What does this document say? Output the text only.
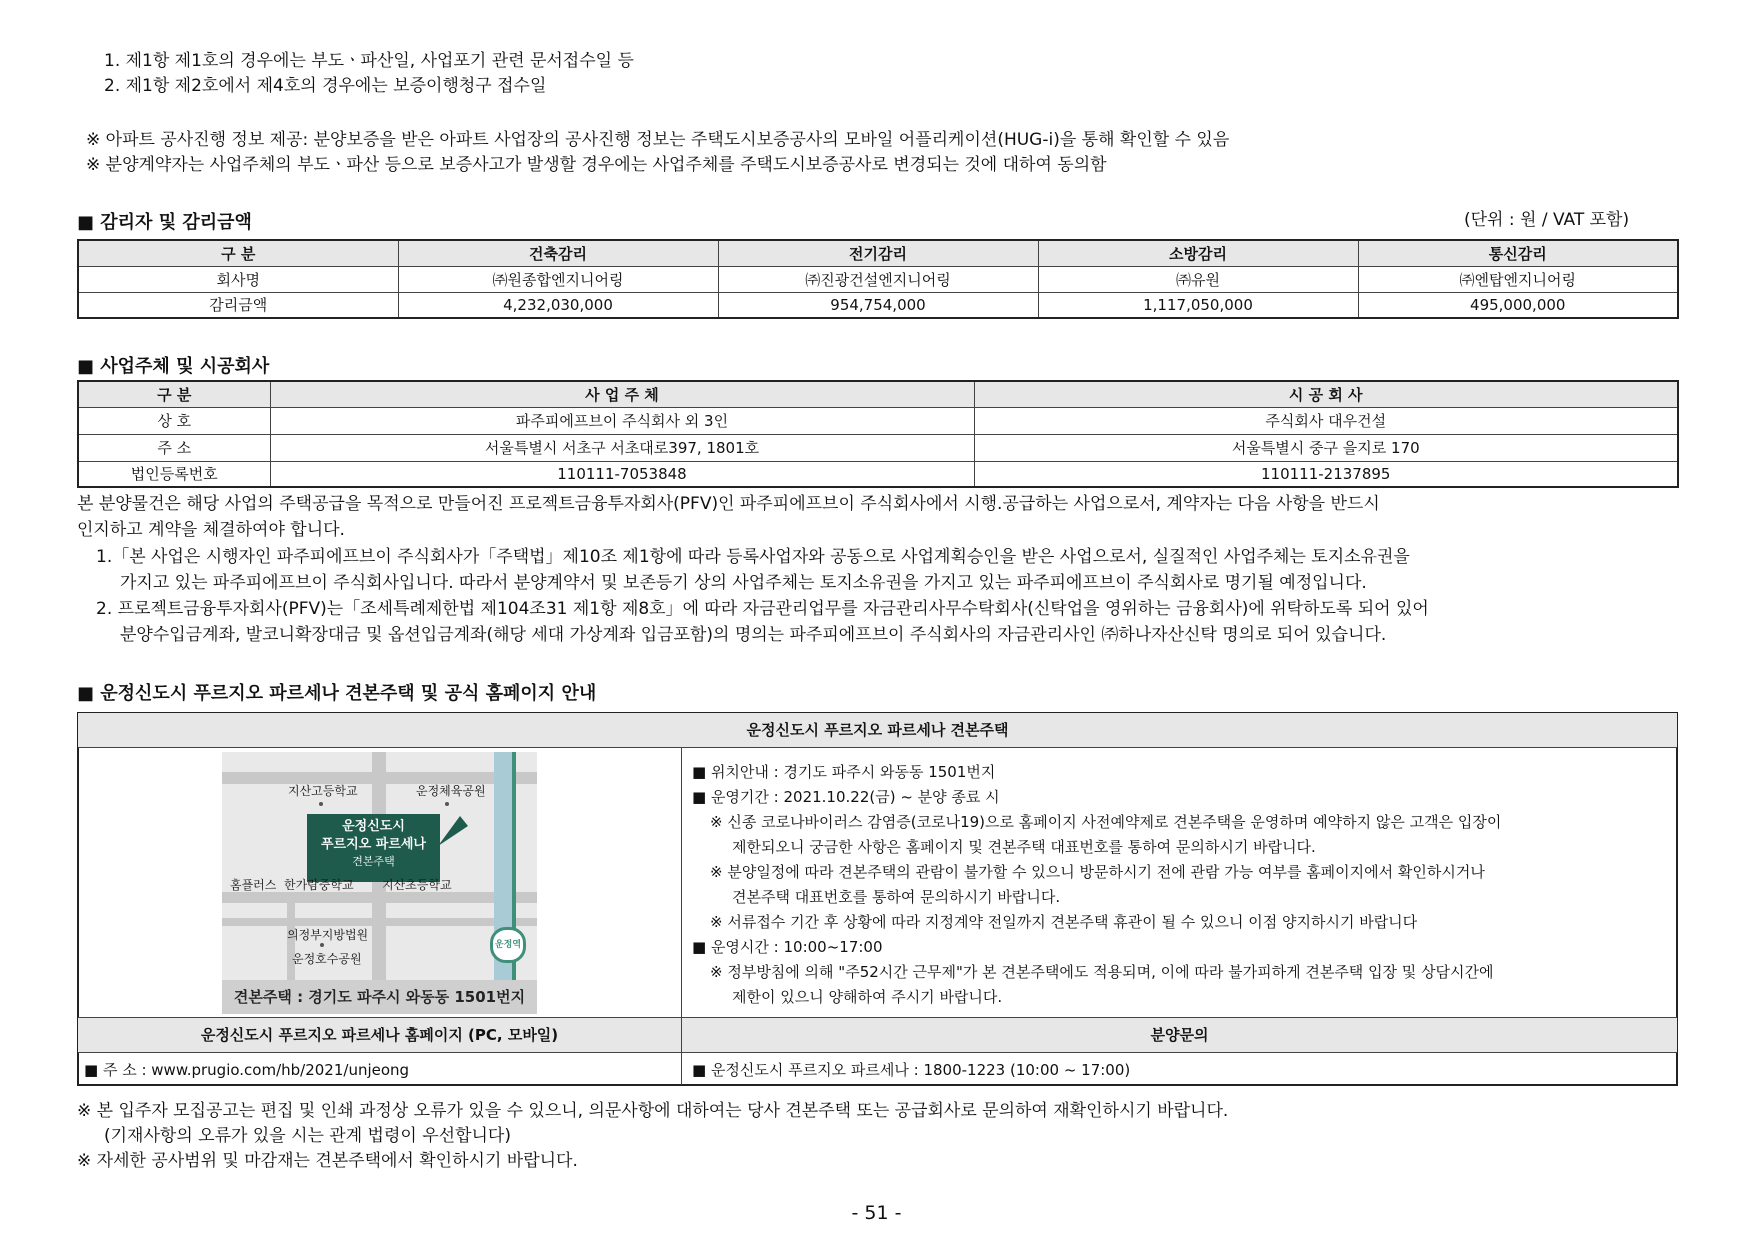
1. 제1항 제1호의 경우에는 부도ㆍ파산일, 사업포기 관련 문서접수일 등
2. 제1항 제2호에서 제4호의 경우에는 보증이행청구 접수일
※ 아파트 공사진행 정보 제공: 분양보증을 받은 아파트 사업장의 공사진행 정보는 주택도시보증공사의 모바일 어플리케이션(HUG-i)을 통해 확인할 수 있음
※ 분양계약자는 사업주체의 부도ㆍ파산 등으로 보증사고가 발생할 경우에는 사업주체를 주택도시보증공사로 변경되는 것에 대하여 동의함
■ 감리자 및 감리금액	(단위 : 원 / VAT 포함)
구 분	건축감리	전기감리	소방감리	통신감리
회사명	㈜원종합엔지니어링	㈜진광건설엔지니어링	㈜유원	㈜엔탑엔지니어링
감리금액	4,232,030,000	954,754,000	1,117,050,000	495,000,000
■ 사업주체 및 시공회사
구 분	사 업 주 체	시 공 회 사
상 호	파주피에프브이 주식회사 외 3인	주식회사 대우건설
주 소	서울특별시 서초구 서초대로397, 1801호	서울특별시 중구 을지로 170
법인등록번호	110111-7053848	110111-2137895
본 분양물건은 해당 사업의 주택공급을 목적으로 만들어진 프로젝트금융투자회사(PFV)인 파주피에프브이 주식회사에서 시행.공급하는 사업으로서, 계약자는 다음 사항을 반드시
인지하고 계약을 체결하여야 합니다.
1.「본 사업은 시행자인 파주피에프브이 주식회사가「주택법」제10조 제1항에 따라 등록사업자와 공동으로 사업계획승인을 받은 사업으로서, 실질적인 사업주체는 토지소유권을
가지고 있는 파주피에프브이 주식회사입니다. 따라서 분양계약서 및 보존등기 상의 사업주체는 토지소유권을 가지고 있는 파주피에프브이 주식회사로 명기될 예정입니다.
2. 프로젝트금융투자회사(PFV)는「조세특례제한법 제104조31 제1항 제8호」에 따라 자금관리업무를 자금관리사무수탁회사(신탁업을 영위하는 금융회사)에 위탁하도록 되어 있어
분양수입금계좌, 발코니확장대금 및 옵션입금계좌(해당 세대 가상계좌 입금포함)의 명의는 파주피에프브이 주식회사의 자금관리사인 ㈜하나자산신탁 명의로 되어 있습니다.
■ 운정신도시 푸르지오 파르세나 견본주택 및 공식 홈페이지 안내
운정신도시 푸르지오 파르세나 견본주택
지산고등학교	운정체육공원
운정신도시
푸르지오 파르세나
견본주택
홈플러스 한가람중학교 지산초등학교
의정부지방법원
운정호수공원
운정역
견본주택 : 경기도 파주시 와동동 1501번지
■ 위치안내 : 경기도 파주시 와동동 1501번지
■ 운영기간 : 2021.10.22(금) ~ 분양 종료 시
※ 신종 코로나바이러스 감염증(코로나19)으로 홈페이지 사전예약제로 견본주택을 운영하며 예약하지 않은 고객은 입장이
제한되오니 궁금한 사항은 홈페이지 및 견본주택 대표번호를 통하여 문의하시기 바랍니다.
※ 분양일정에 따라 견본주택의 관람이 불가할 수 있으니 방문하시기 전에 관람 가능 여부를 홈페이지에서 확인하시거나
견본주택 대표번호를 통하여 문의하시기 바랍니다.
※ 서류접수 기간 후 상황에 따라 지정계약 전일까지 견본주택 휴관이 될 수 있으니 이점 양지하시기 바랍니다
■ 운영시간 : 10:00~17:00
※ 정부방침에 의해 "주52시간 근무제"가 본 견본주택에도 적용되며, 이에 따라 불가피하게 견본주택 입장 및 상담시간에
제한이 있으니 양해하여 주시기 바랍니다.
운정신도시 푸르지오 파르세나 홈페이지 (PC, 모바일)	분양문의
■ 주 소 : www.prugio.com/hb/2021/unjeong	■ 운정신도시 푸르지오 파르세나 : 1800-1223 (10:00 ~ 17:00)
※ 본 입주자 모집공고는 편집 및 인쇄 과정상 오류가 있을 수 있으니, 의문사항에 대하여는 당사 견본주택 또는 공급회사로 문의하여 재확인하시기 바랍니다.
(기재사항의 오류가 있을 시는 관계 법령이 우선합니다)
※ 자세한 공사범위 및 마감재는 견본주택에서 확인하시기 바랍니다.
- 51 -
